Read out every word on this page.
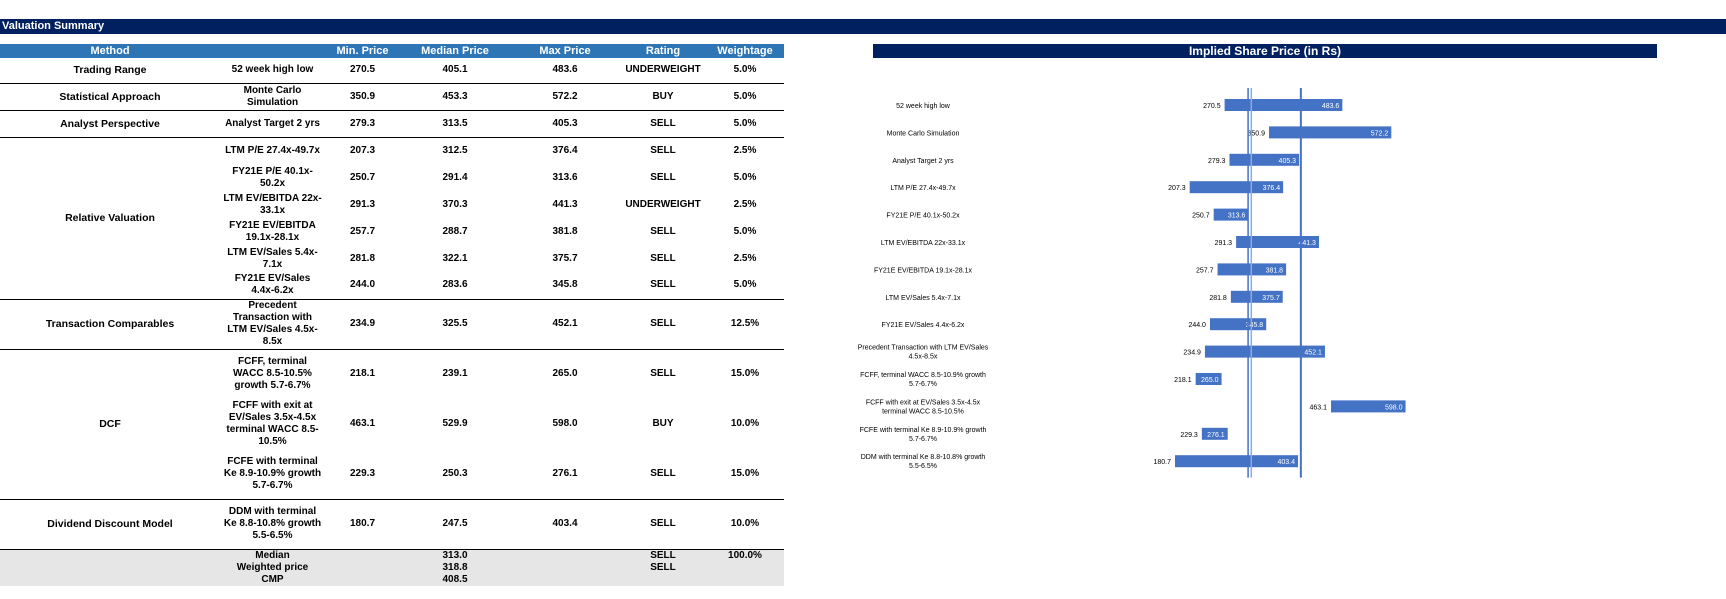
Valuation Summary
Method		Min. Price	Median Price	Max Price	Rating	Weightage
Trading Range	52 week high low	270.5	405.1	483.6	UNDERWEIGHT	5.0%
Statistical Approach	Monte Carlo Simulation	350.9	453.3	572.2	BUY	5.0%
Analyst Perspective	Analyst Target 2 yrs	279.3	313.5	405.3	SELL	5.0%
Relative Valuation	LTM P/E 27.4x-49.7x	207.3	312.5	376.4	SELL	2.5%
	FY21E P/E 40.1x-50.2x	250.7	291.4	313.6	SELL	5.0%
	LTM EV/EBITDA 22x-33.1x	291.3	370.3	441.3	UNDERWEIGHT	2.5%
	FY21E EV/EBITDA 19.1x-28.1x	257.7	288.7	381.8	SELL	5.0%
	LTM EV/Sales 5.4x-7.1x	281.8	322.1	375.7	SELL	2.5%
	FY21E EV/Sales 4.4x-6.2x	244.0	283.6	345.8	SELL	5.0%
Transaction Comparables	Precedent Transaction with LTM EV/Sales 4.5x-8.5x	234.9	325.5	452.1	SELL	12.5%
DCF	FCFF, terminal WACC 8.5-10.5% growth 5.7-6.7%	218.1	239.1	265.0	SELL	15.0%
	FCFF with exit at EV/Sales 3.5x-4.5x terminal WACC 8.5-10.5%	463.1	529.9	598.0	BUY	10.0%
	FCFE with terminal Ke 8.9-10.9% growth 5.7-6.7%	229.3	250.3	276.1	SELL	15.0%
Dividend Discount Model	DDM with terminal Ke 8.8-10.8% growth 5.5-6.5%	180.7	247.5	403.4	SELL	10.0%
	Median		313.0		SELL	100.0%
	Weighted price		318.8		SELL	
	CMP		408.5			
Implied Share Price (in Rs)
52 week high low	270.5	483.6
Monte Carlo Simulation	350.9	572.2
Analyst Target 2 yrs	279.3	405.3
LTM P/E 27.4x-49.7x	207.3	376.4
FY21E P/E 40.1x-50.2x	250.7	313.6
LTM EV/EBITDA 22x-33.1x	291.3	441.3
FY21E EV/EBITDA 19.1x-28.1x	257.7	381.8
LTM EV/Sales 5.4x-7.1x	281.8	375.7
FY21E EV/Sales 4.4x-6.2x	244.0	345.8
Precedent Transaction with LTM EV/Sales 4.5x-8.5x
234.9	452.1
FCFF, terminal WACC 8.5-10.9% growth 5.7-6.7%
218.1 265.0
FCFF with exit at EV/Sales 3.5x-4.5x terminal WACC 8.5-10.5%
463.1	598.0
FCFE with terminal Ke 8.9-10.9% growth 5.7-6.7%
229.3 276.1
DDM with terminal Ke 8.8-10.8% growth 5.5-6.5%
180.7	403.4
